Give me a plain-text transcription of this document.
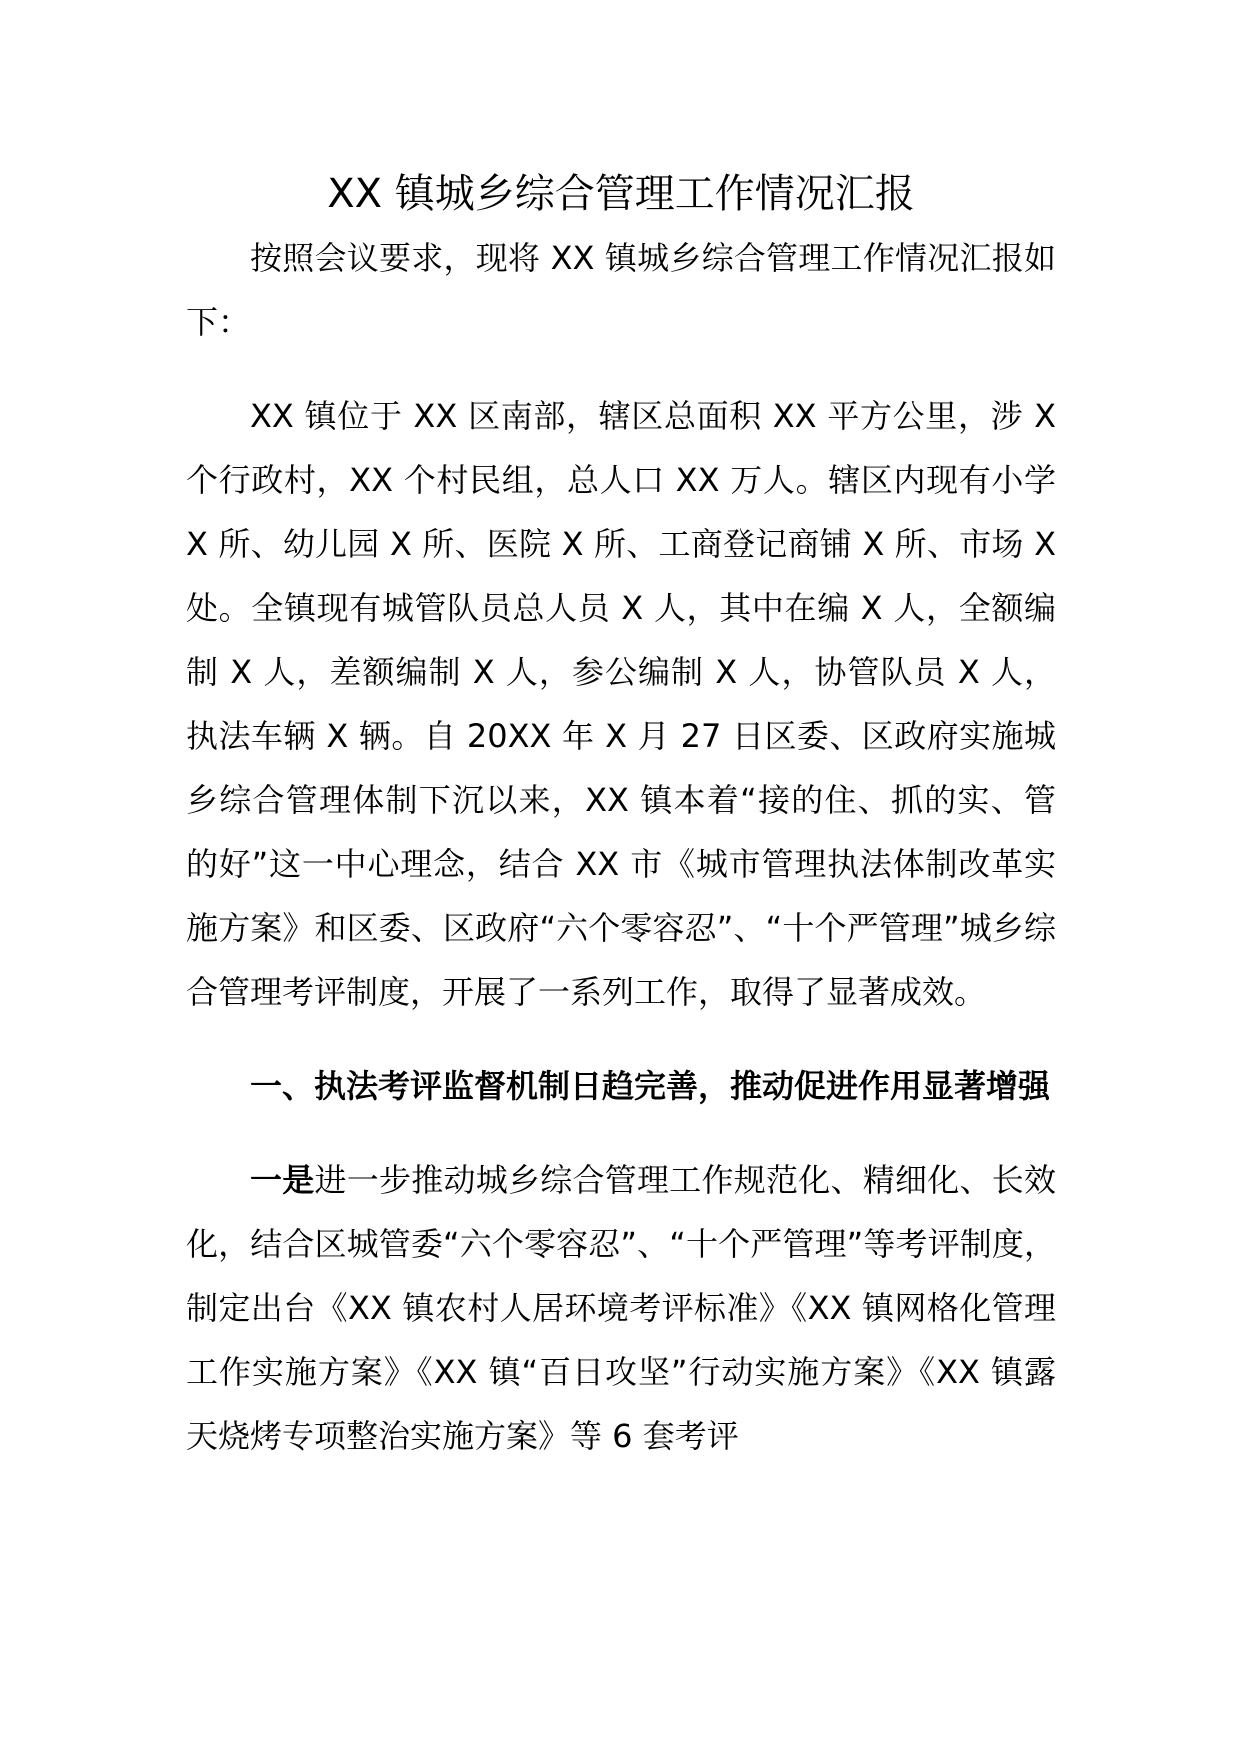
XX 镇城乡综合管理工作情况汇报

按照会议要求，现将 XX 镇城乡综合管理工作情况汇报如下：

XX 镇位于 XX 区南部，辖区总面积 XX 平方公里，涉 X 个行政村，XX 个村民组，总人口 XX 万人。辖区内现有小学 X 所、幼儿园 X 所、医院 X 所、工商登记商铺 X 所、市场 X 处。全镇现有城管队员总人员 X 人，其中在编 X 人，全额编制 X 人，差额编制 X 人，参公编制 X 人，协管队员 X 人，执法车辆 X 辆。自 20XX 年 X 月 27 日区委、区政府实施城乡综合管理体制下沉以来，XX 镇本着“接的住、抓的实、管的好”这一中心理念，结合 XX 市《城市管理执法体制改革实施方案》和区委、区政府“六个零容忍”、“十个严管理”城乡综合管理考评制度，开展了一系列工作，取得了显著成效。

一、执法考评监督机制日趋完善，推动促进作用显著增强

一是进一步推动城乡综合管理工作规范化、精细化、长效化，结合区城管委“六个零容忍”、“十个严管理”等考评制度，制定出台《XX 镇农村人居环境考评标准》《XX 镇网格化管理工作实施方案》《XX 镇“百日攻坚”行动实施方案》《XX 镇露天烧烤专项整治实施方案》等 6 套考评
